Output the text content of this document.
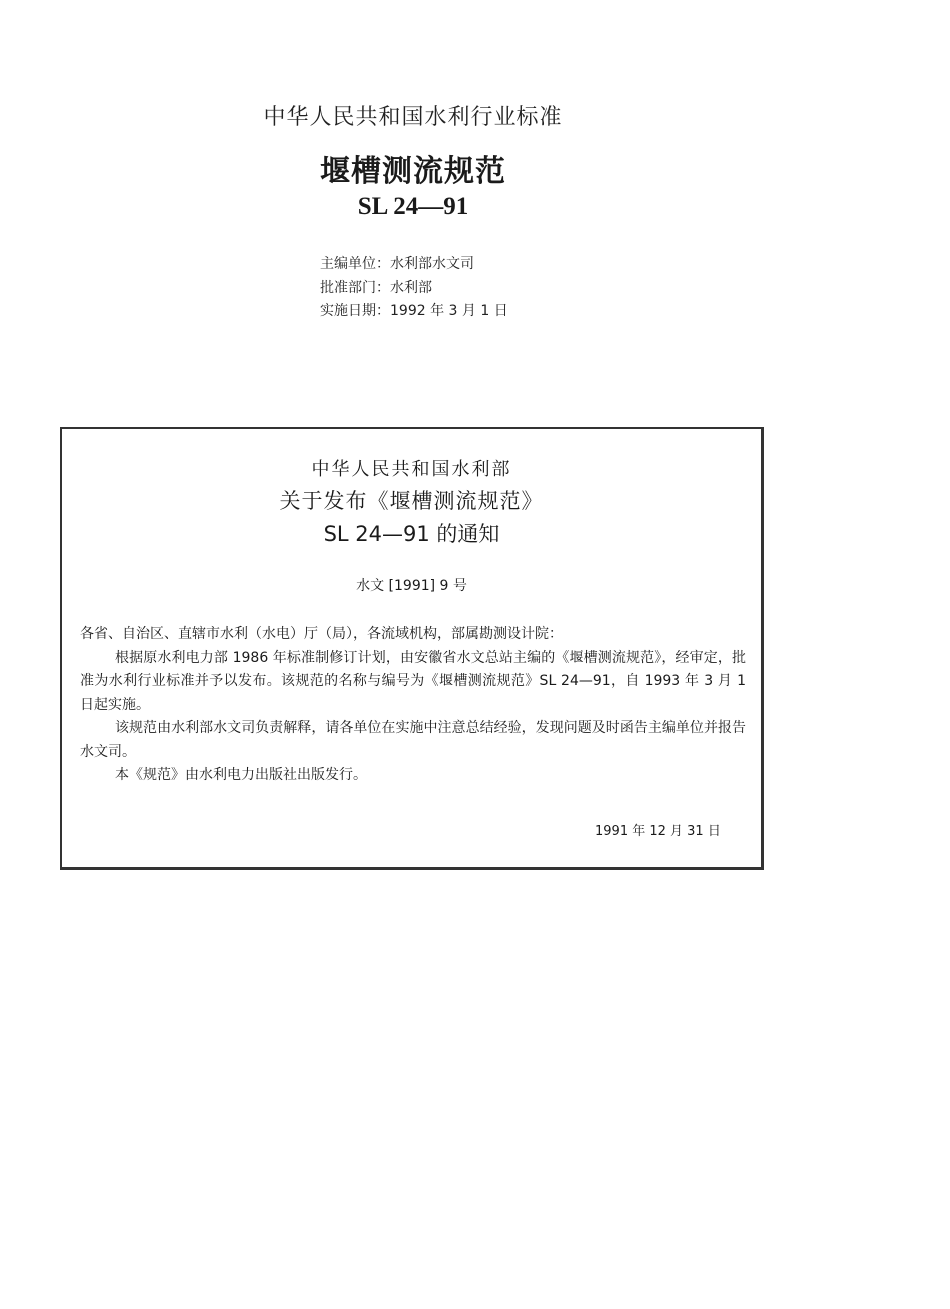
中华人民共和国水利行业标准
堰槽测流规范
SL 24—91
主编单位：水利部水文司
批准部门：水利部
实施日期：1992 年 3 月 1 日
中华人民共和国水利部
关于发布《堰槽测流规范》
SL 24—91 的通知
水文 [1991] 9 号

各省、自治区、直辖市水利（水电）厅（局），各流域机构，部属勘测设计院：

根据原水利电力部 1986 年标准制修订计划，由安徽省水文总站主编的《堰槽测流规范》，经审定，批准为水利行业标准并予以发布。该规范的名称与编号为《堰槽测流规范》SL 24—91，自 1993 年 3 月 1 日起实施。

该规范由水利部水文司负责解释，请各单位在实施中注意总结经验，发现问题及时函告主编单位并报告水文司。

本《规范》由水利电力出版社出版发行。

1991 年 12 月 31 日
